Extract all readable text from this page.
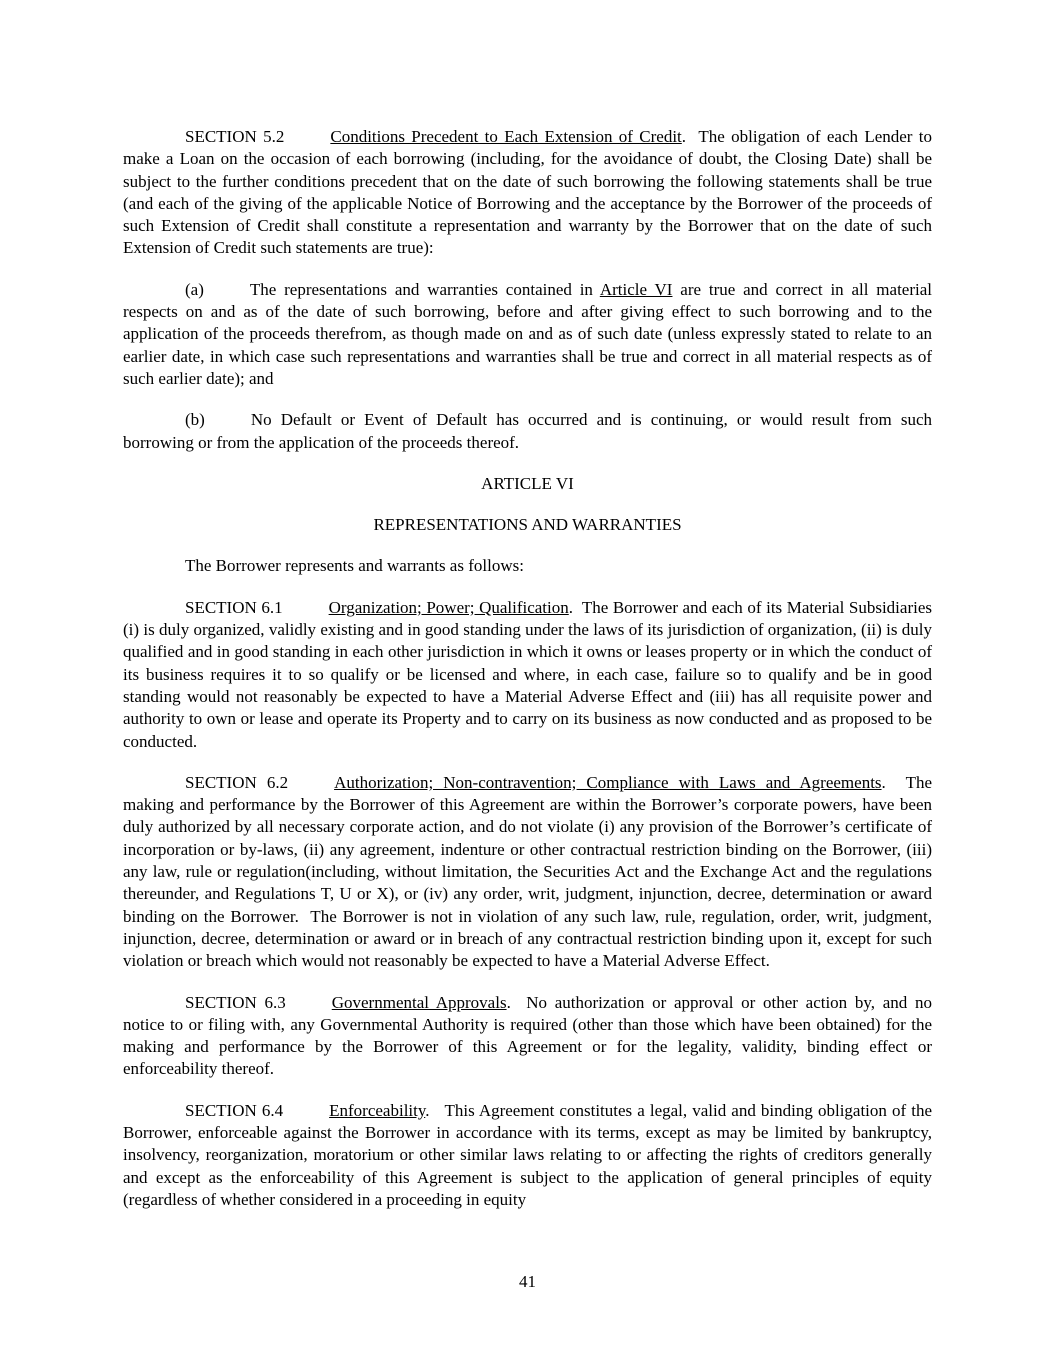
SECTION 5.2	Conditions Precedent to Each Extension of Credit.  The obligation of each Lender to make a Loan on the occasion of each borrowing (including, for the avoidance of doubt, the Closing Date) shall be subject to the further conditions precedent that on the date of such borrowing the following statements shall be true (and each of the giving of the applicable Notice of Borrowing and the acceptance by the Borrower of the proceeds of such Extension of Credit shall constitute a representation and warranty by the Borrower that on the date of such Extension of Credit such statements are true):

(a)	The representations and warranties contained in Article VI are true and correct in all material respects on and as of the date of such borrowing, before and after giving effect to such borrowing and to the application of the proceeds therefrom, as though made on and as of such date (unless expressly stated to relate to an earlier date, in which case such representations and warranties shall be true and correct in all material respects as of such earlier date); and

(b)	No Default or Event of Default has occurred and is continuing, or would result from such borrowing or from the application of the proceeds thereof.

ARTICLE VI

REPRESENTATIONS AND WARRANTIES

The Borrower represents and warrants as follows:

SECTION 6.1	Organization; Power; Qualification.  The Borrower and each of its Material Subsidiaries (i) is duly organized, validly existing and in good standing under the laws of its jurisdiction of organization, (ii) is duly qualified and in good standing in each other jurisdiction in which it owns or leases property or in which the conduct of its business requires it to so qualify or be licensed and where, in each case, failure so to qualify and be in good standing would not reasonably be expected to have a Material Adverse Effect and (iii) has all requisite power and authority to own or lease and operate its Property and to carry on its business as now conducted and as proposed to be conducted.

SECTION 6.2	Authorization; Non-contravention; Compliance with Laws and Agreements.  The making and performance by the Borrower of this Agreement are within the Borrower’s corporate powers, have been duly authorized by all necessary corporate action, and do not violate (i) any provision of the Borrower’s certificate of incorporation or by-laws, (ii) any agreement, indenture or other contractual restriction binding on the Borrower, (iii) any law, rule or regulation(including, without limitation, the Securities Act and the Exchange Act and the regulations thereunder, and Regulations T, U or X), or (iv) any order, writ, judgment, injunction, decree, determination or award binding on the Borrower.  The Borrower is not in violation of any such law, rule, regulation, order, writ, judgment, injunction, decree, determination or award or in breach of any contractual restriction binding upon it, except for such violation or breach which would not reasonably be expected to have a Material Adverse Effect.

SECTION 6.3	Governmental Approvals.  No authorization or approval or other action by, and no notice to or filing with, any Governmental Authority is required (other than those which have been obtained) for the making and performance by the Borrower of this Agreement or for the legality, validity, binding effect or enforceability thereof.

SECTION 6.4	Enforceability.   This Agreement constitutes a legal, valid and binding obligation of the Borrower, enforceable against the Borrower in accordance with its terms, except as may be limited by bankruptcy, insolvency, reorganization, moratorium or other similar laws relating to or affecting the rights of creditors generally and except as the enforceability of this Agreement is subject to the application of general principles of equity (regardless of whether considered in a proceeding in equity

41
